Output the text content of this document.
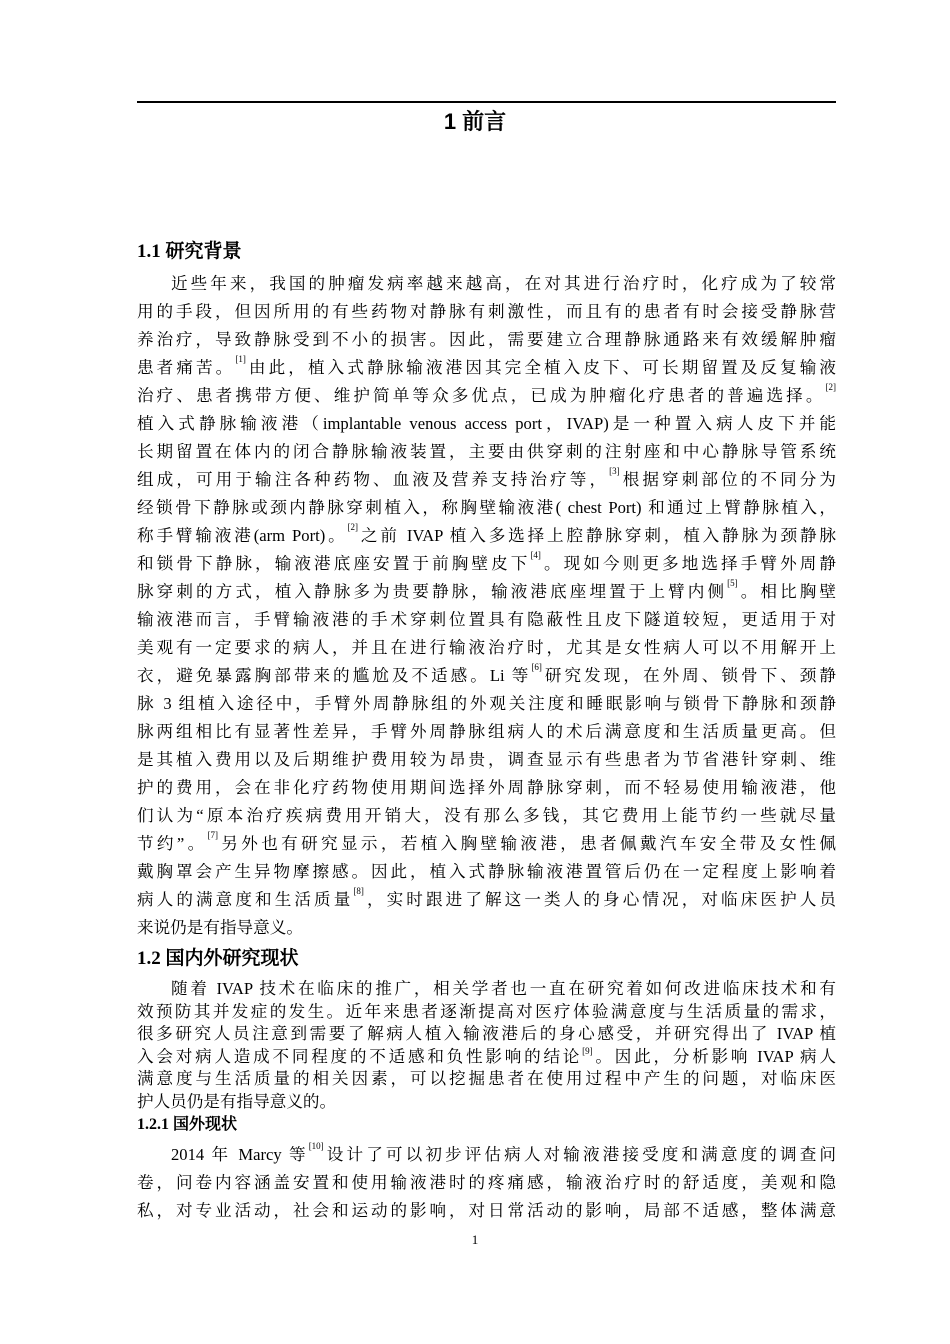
1 前言
1.1 研究背景
近些年来，我国的肿瘤发病率越来越高，在对其进行治疗时，化疗成为了较常
用的手段，但因所用的有些药物对静脉有刺激性，而且有的患者有时会接受静脉营
养治疗，导致静脉受到不小的损害。因此，需要建立合理静脉通路来有效缓解肿瘤
患者痛苦。[1]由此，植入式静脉输液港因其完全植入皮下、可长期留置及反复输液
治疗、患者携带方便、维护简单等众多优点，已成为肿瘤化疗患者的普遍选择。[2]
植入式静脉输液港（implantable venous access port，IVAP)是一种置入病人皮下并能
长期留置在体内的闭合静脉输液装置，主要由供穿刺的注射座和中心静脉导管系统
组成，可用于输注各种药物、血液及营养支持治疗等，[3]根据穿刺部位的不同分为
经锁骨下静脉或颈内静脉穿刺植入，称胸壁输液港( chest Port) 和通过上臂静脉植入，
称手臂输液港(arm Port)。[2]之前 IVAP 植入多选择上腔静脉穿刺，植入静脉为颈静脉
和锁骨下静脉，输液港底座安置于前胸壁皮下[4]。现如今则更多地选择手臂外周静
脉穿刺的方式，植入静脉多为贵要静脉，输液港底座埋置于上臂内侧[5]。相比胸壁
输液港而言，手臂输液港的手术穿刺位置具有隐蔽性且皮下隧道较短，更适用于对
美观有一定要求的病人，并且在进行输液治疗时，尤其是女性病人可以不用解开上
衣，避免暴露胸部带来的尴尬及不适感。Li 等[6]研究发现，在外周、锁骨下、颈静
脉 3 组植入途径中，手臂外周静脉组的外观关注度和睡眠影响与锁骨下静脉和颈静
脉两组相比有显著性差异，手臂外周静脉组病人的术后满意度和生活质量更高。但
是其植入费用以及后期维护费用较为昂贵，调查显示有些患者为节省港针穿刺、维
护的费用，会在非化疗药物使用期间选择外周静脉穿刺，而不轻易使用输液港，他
们认为“原本治疗疾病费用开销大，没有那么多钱，其它费用上能节约一些就尽量
节约”。[7]另外也有研究显示，若植入胸壁输液港，患者佩戴汽车安全带及女性佩
戴胸罩会产生异物摩擦感。因此，植入式静脉输液港置管后仍在一定程度上影响着
病人的满意度和生活质量[8]，实时跟进了解这一类人的身心情况，对临床医护人员
来说仍是有指导意义。
1.2 国内外研究现状
随着 IVAP 技术在临床的推广，相关学者也一直在研究着如何改进临床技术和有
效预防其并发症的发生。近年来患者逐渐提高对医疗体验满意度与生活质量的需求，
很多研究人员注意到需要了解病人植入输液港后的身心感受，并研究得出了 IVAP 植
入会对病人造成不同程度的不适感和负性影响的结论[9]。因此，分析影响 IVAP 病人
满意度与生活质量的相关因素，可以挖掘患者在使用过程中产生的问题，对临床医
护人员仍是有指导意义的。
1.2.1 国外现状
2014 年 Marcy 等[10]设计了可以初步评估病人对输液港接受度和满意度的调查问
卷，问卷内容涵盖安置和使用输液港时的疼痛感，输液治疗时的舒适度，美观和隐
私，对专业活动，社会和运动的影响，对日常活动的影响，局部不适感，整体满意
1
